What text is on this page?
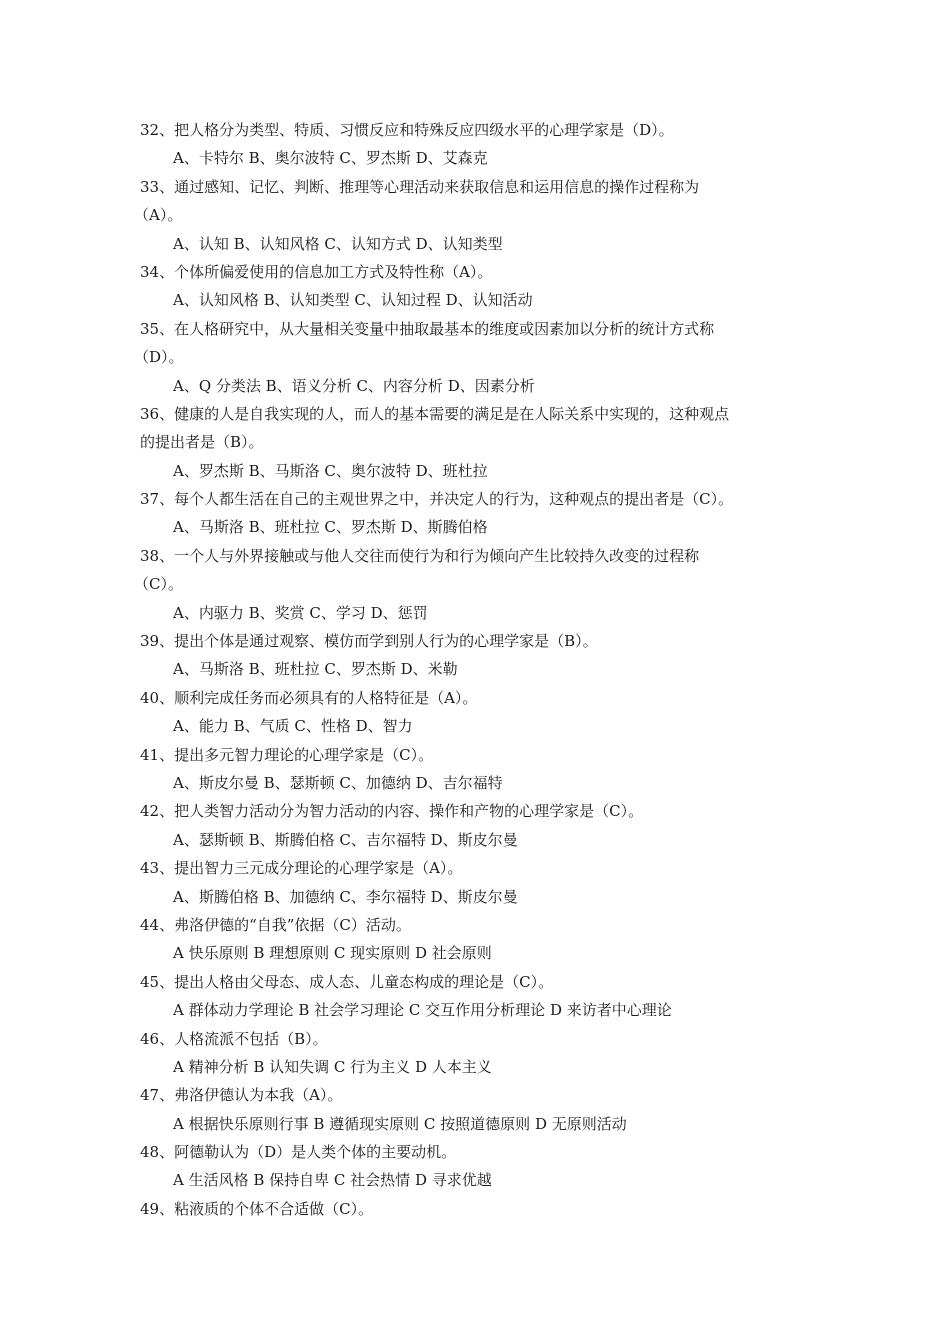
32、把人格分为类型、特质、习惯反应和特殊反应四级水平的心理学家是（D）。
A、卡特尔 B、奥尔波特 C、罗杰斯 D、艾森克
33、通过感知、记忆、判断、推理等心理活动来获取信息和运用信息的操作过程称为
（A）。
A、认知 B、认知风格 C、认知方式 D、认知类型
34、个体所偏爱使用的信息加工方式及特性称（A）。
A、认知风格 B、认知类型 C、认知过程 D、认知活动
35、在人格研究中，从大量相关变量中抽取最基本的维度或因素加以分析的统计方式称
（D）。
A、Q 分类法 B、语义分析 C、内容分析 D、因素分析
36、健康的人是自我实现的人，而人的基本需要的满足是在人际关系中实现的，这种观点
的提出者是（B）。
A、罗杰斯 B、马斯洛 C、奥尔波特 D、班杜拉
37、每个人都生活在自己的主观世界之中，并决定人的行为，这种观点的提出者是（C）。
A、马斯洛 B、班杜拉 C、罗杰斯 D、斯腾伯格
38、一个人与外界接触或与他人交往而使行为和行为倾向产生比较持久改变的过程称
（C）。
A、内驱力 B、奖赏 C、学习 D、惩罚
39、提出个体是通过观察、模仿而学到别人行为的心理学家是（B）。
A、马斯洛 B、班杜拉 C、罗杰斯 D、米勒
40、顺利完成任务而必须具有的人格特征是（A）。
A、能力 B、气质 C、性格 D、智力
41、提出多元智力理论的心理学家是（C）。
A、斯皮尔曼 B、瑟斯顿 C、加德纳 D、吉尔福特
42、把人类智力活动分为智力活动的内容、操作和产物的心理学家是（C）。
A、瑟斯顿 B、斯腾伯格 C、吉尔福特 D、斯皮尔曼
43、提出智力三元成分理论的心理学家是（A）。
A、斯腾伯格 B、加德纳 C、李尔福特 D、斯皮尔曼
44、弗洛伊德的“自我”依据（C）活动。
A 快乐原则 B 理想原则 C 现实原则 D 社会原则
45、提出人格由父母态、成人态、儿童态构成的理论是（C）。
A 群体动力学理论 B 社会学习理论 C 交互作用分析理论 D 来访者中心理论
46、人格流派不包括（B）。
A 精神分析 B 认知失调 C 行为主义 D 人本主义
47、弗洛伊德认为本我（A）。
A 根据快乐原则行事 B 遵循现实原则 C 按照道德原则 D 无原则活动
48、阿德勒认为（D）是人类个体的主要动机。
A 生活风格 B 保持自卑 C 社会热情 D 寻求优越
49、粘液质的个体不合适做（C）。
